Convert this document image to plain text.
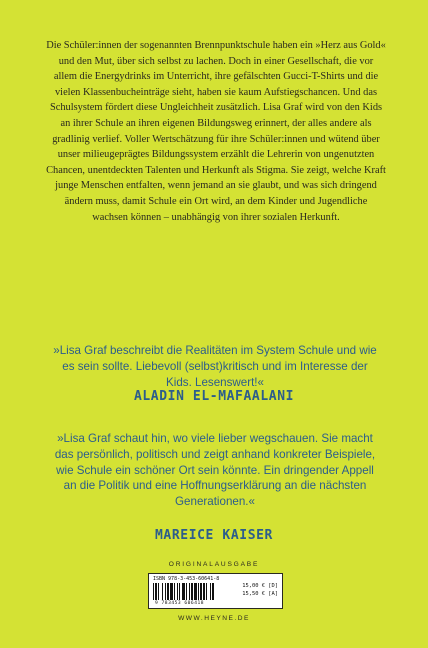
Die Schüler:innen der sogenannten Brennpunktschule haben ein »Herz aus Gold« und den Mut, über sich selbst zu lachen. Doch in einer Gesellschaft, die vor allem die Energydrinks im Unterricht, ihre gefälschten Gucci-T-Shirts und die vielen Klassenbucheinträge sieht, haben sie kaum Aufstiegschancen. Und das Schulsystem fördert diese Ungleichheit zusätzlich. Lisa Graf wird von den Kids an ihrer Schule an ihren eigenen Bildungsweg erinnert, der alles andere als gradlinig verlief. Voller Wertschätzung für ihre Schüler:innen und wütend über unser milieugeprägtes Bildungssystem erzählt die Lehrerin von ungenutzten Chancen, unentdeckten Talenten und Herkunft als Stigma. Sie zeigt, welche Kraft junge Menschen entfalten, wenn jemand an sie glaubt, und was sich dringend ändern muss, damit Schule ein Ort wird, an dem Kinder und Jugendliche wachsen können – unabhängig von ihrer sozialen Herkunft.

»Lisa Graf beschreibt die Realitäten im System Schule und wie es sein sollte. Liebevoll (selbst)kritisch und im Interesse der Kids. Lesenswert!«

ALADIN EL-MAFAALANI

»Lisa Graf schaut hin, wo viele lieber wegschauen. Sie macht das persönlich, politisch und zeigt anhand konkreter Beispiele, wie Schule ein schöner Ort sein könnte. Ein dringender Appell an die Politik und eine Hoffnungserklärung an die nächsten Generationen.«

MAREICE KAISER
ORIGINALAUSGABE
ISBN 978-3-453-60641-8
15,00 € [D]
15,50 € [A]
9 783453 606418
WWW.HEYNE.DE
